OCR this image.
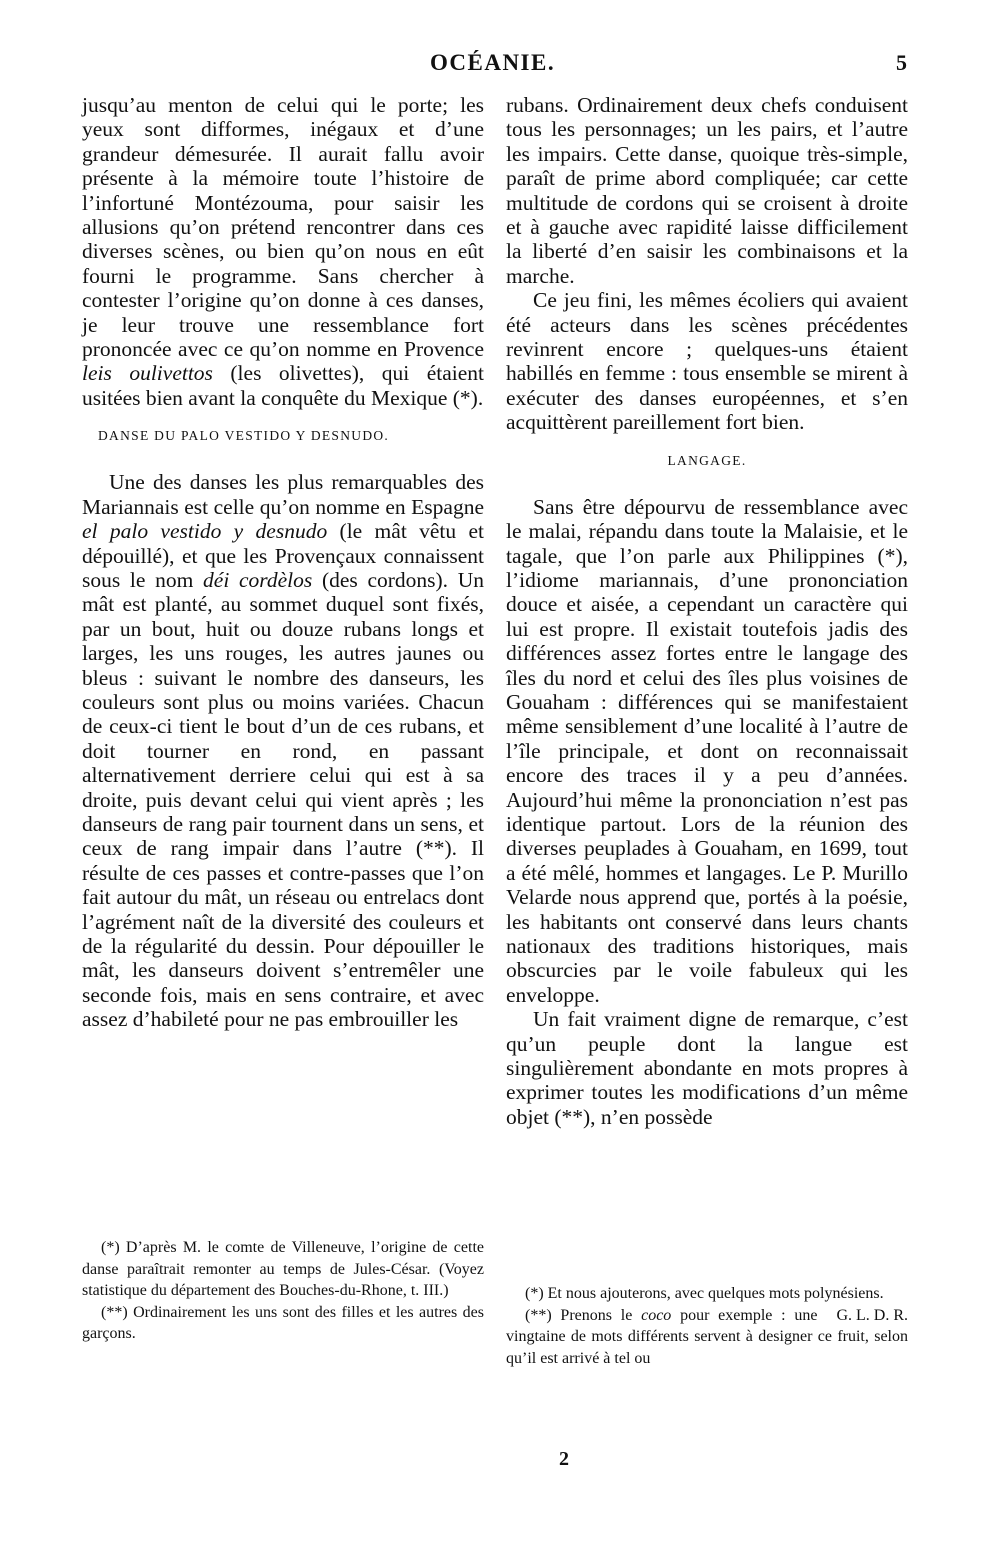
OCÉANIE.	5

jusqu’au menton de celui qui le porte; les yeux sont difformes, inégaux et d’une grandeur démesurée. Il aurait fallu avoir présente à la mémoire toute l’histoire de l’infortuné Montézouma, pour saisir les allusions qu’on prétend rencontrer dans ces diverses scènes, ou bien qu’on nous en eût fourni le programme. Sans chercher à contester l’origine qu’on donne à ces danses, je leur trouve une ressemblance fort prononcée avec ce qu’on nomme en Provence leis oulivettos (les olivettes), qui étaient usitées bien avant la conquête du Mexique (*).

DANSE DU PALO VESTIDO Y DESNUDO.

Une des danses les plus remarquables des Mariannais est celle qu’on nomme en Espagne el palo vestido y desnudo (le mât vêtu et dépouillé), et que les Provençaux connaissent sous le nom déi cordèlos (des cordons). Un mât est planté, au sommet duquel sont fixés, par un bout, huit ou douze rubans longs et larges, les uns rouges, les autres jaunes ou bleus : suivant le nombre des danseurs, les couleurs sont plus ou moins variées. Chacun de ceux-ci tient le bout d’un de ces rubans, et doit tourner en rond, en passant alternativement derriere celui qui est à sa droite, puis devant celui qui vient après ; les danseurs de rang pair tournent dans un sens, et ceux de rang impair dans l’autre (**). Il résulte de ces passes et contre-passes que l’on fait autour du mât, un réseau ou entrelacs dont l’agrément naît de la diversité des couleurs et de la régularité du dessin. Pour dépouiller le mât, les danseurs doivent s’entremêler une seconde fois, mais en sens contraire, et avec assez d’habileté pour ne pas embrouiller les

(*) D’après M. le comte de Villeneuve, l’origine de cette danse paraîtrait remonter au temps de Jules-César. (Voyez statistique du département des Bouches-du-Rhone, t. III.)

(**) Ordinairement les uns sont des filles et les autres des garçons.

rubans. Ordinairement deux chefs conduisent tous les personnages; un les pairs, et l’autre les impairs. Cette danse, quoique très-simple, paraît de prime abord compliquée; car cette multitude de cordons qui se croisent à droite et à gauche avec rapidité laisse difficilement la liberté d’en saisir les combinaisons et la marche.

Ce jeu fini, les mêmes écoliers qui avaient été acteurs dans les scènes précédentes revinrent encore ; quelques-uns étaient habillés en femme : tous ensemble se mirent à exécuter des danses européennes, et s’en acquittèrent pareillement fort bien.

LANGAGE.

Sans être dépourvu de ressemblance avec le malai, répandu dans toute la Malaisie, et le tagale, que l’on parle aux Philippines (*), l’idiome mariannais, d’une prononciation douce et aisée, a cependant un caractère qui lui est propre. Il existait toutefois jadis des différences assez fortes entre le langage des îles du nord et celui des îles plus voisines de Gouaham : différences qui se manifestaient même sensiblement d’une localité à l’autre de l’île principale, et dont on reconnaissait encore des traces il y a peu d’années. Aujourd’hui même la prononciation n’est pas identique partout. Lors de la réunion des diverses peuplades à Gouaham, en 1699, tout a été mêlé, hommes et langages. Le P. Murillo Velarde nous apprend que, portés à la poésie, les habitants ont conservé dans leurs chants nationaux des traditions historiques, mais obscurcies par le voile fabuleux qui les enveloppe.

Un fait vraiment digne de remarque, c’est qu’un peuple dont la langue est singulièrement abondante en mots propres à exprimer toutes les modifications d’un même objet (**), n’en possède

(*) Et nous ajouterons, avec quelques mots polynésiens.
G. L. D. R.

(**) Prenons le coco pour exemple : une vingtaine de mots différents servent à designer ce fruit, selon qu’il est arrivé à tel ou

2
